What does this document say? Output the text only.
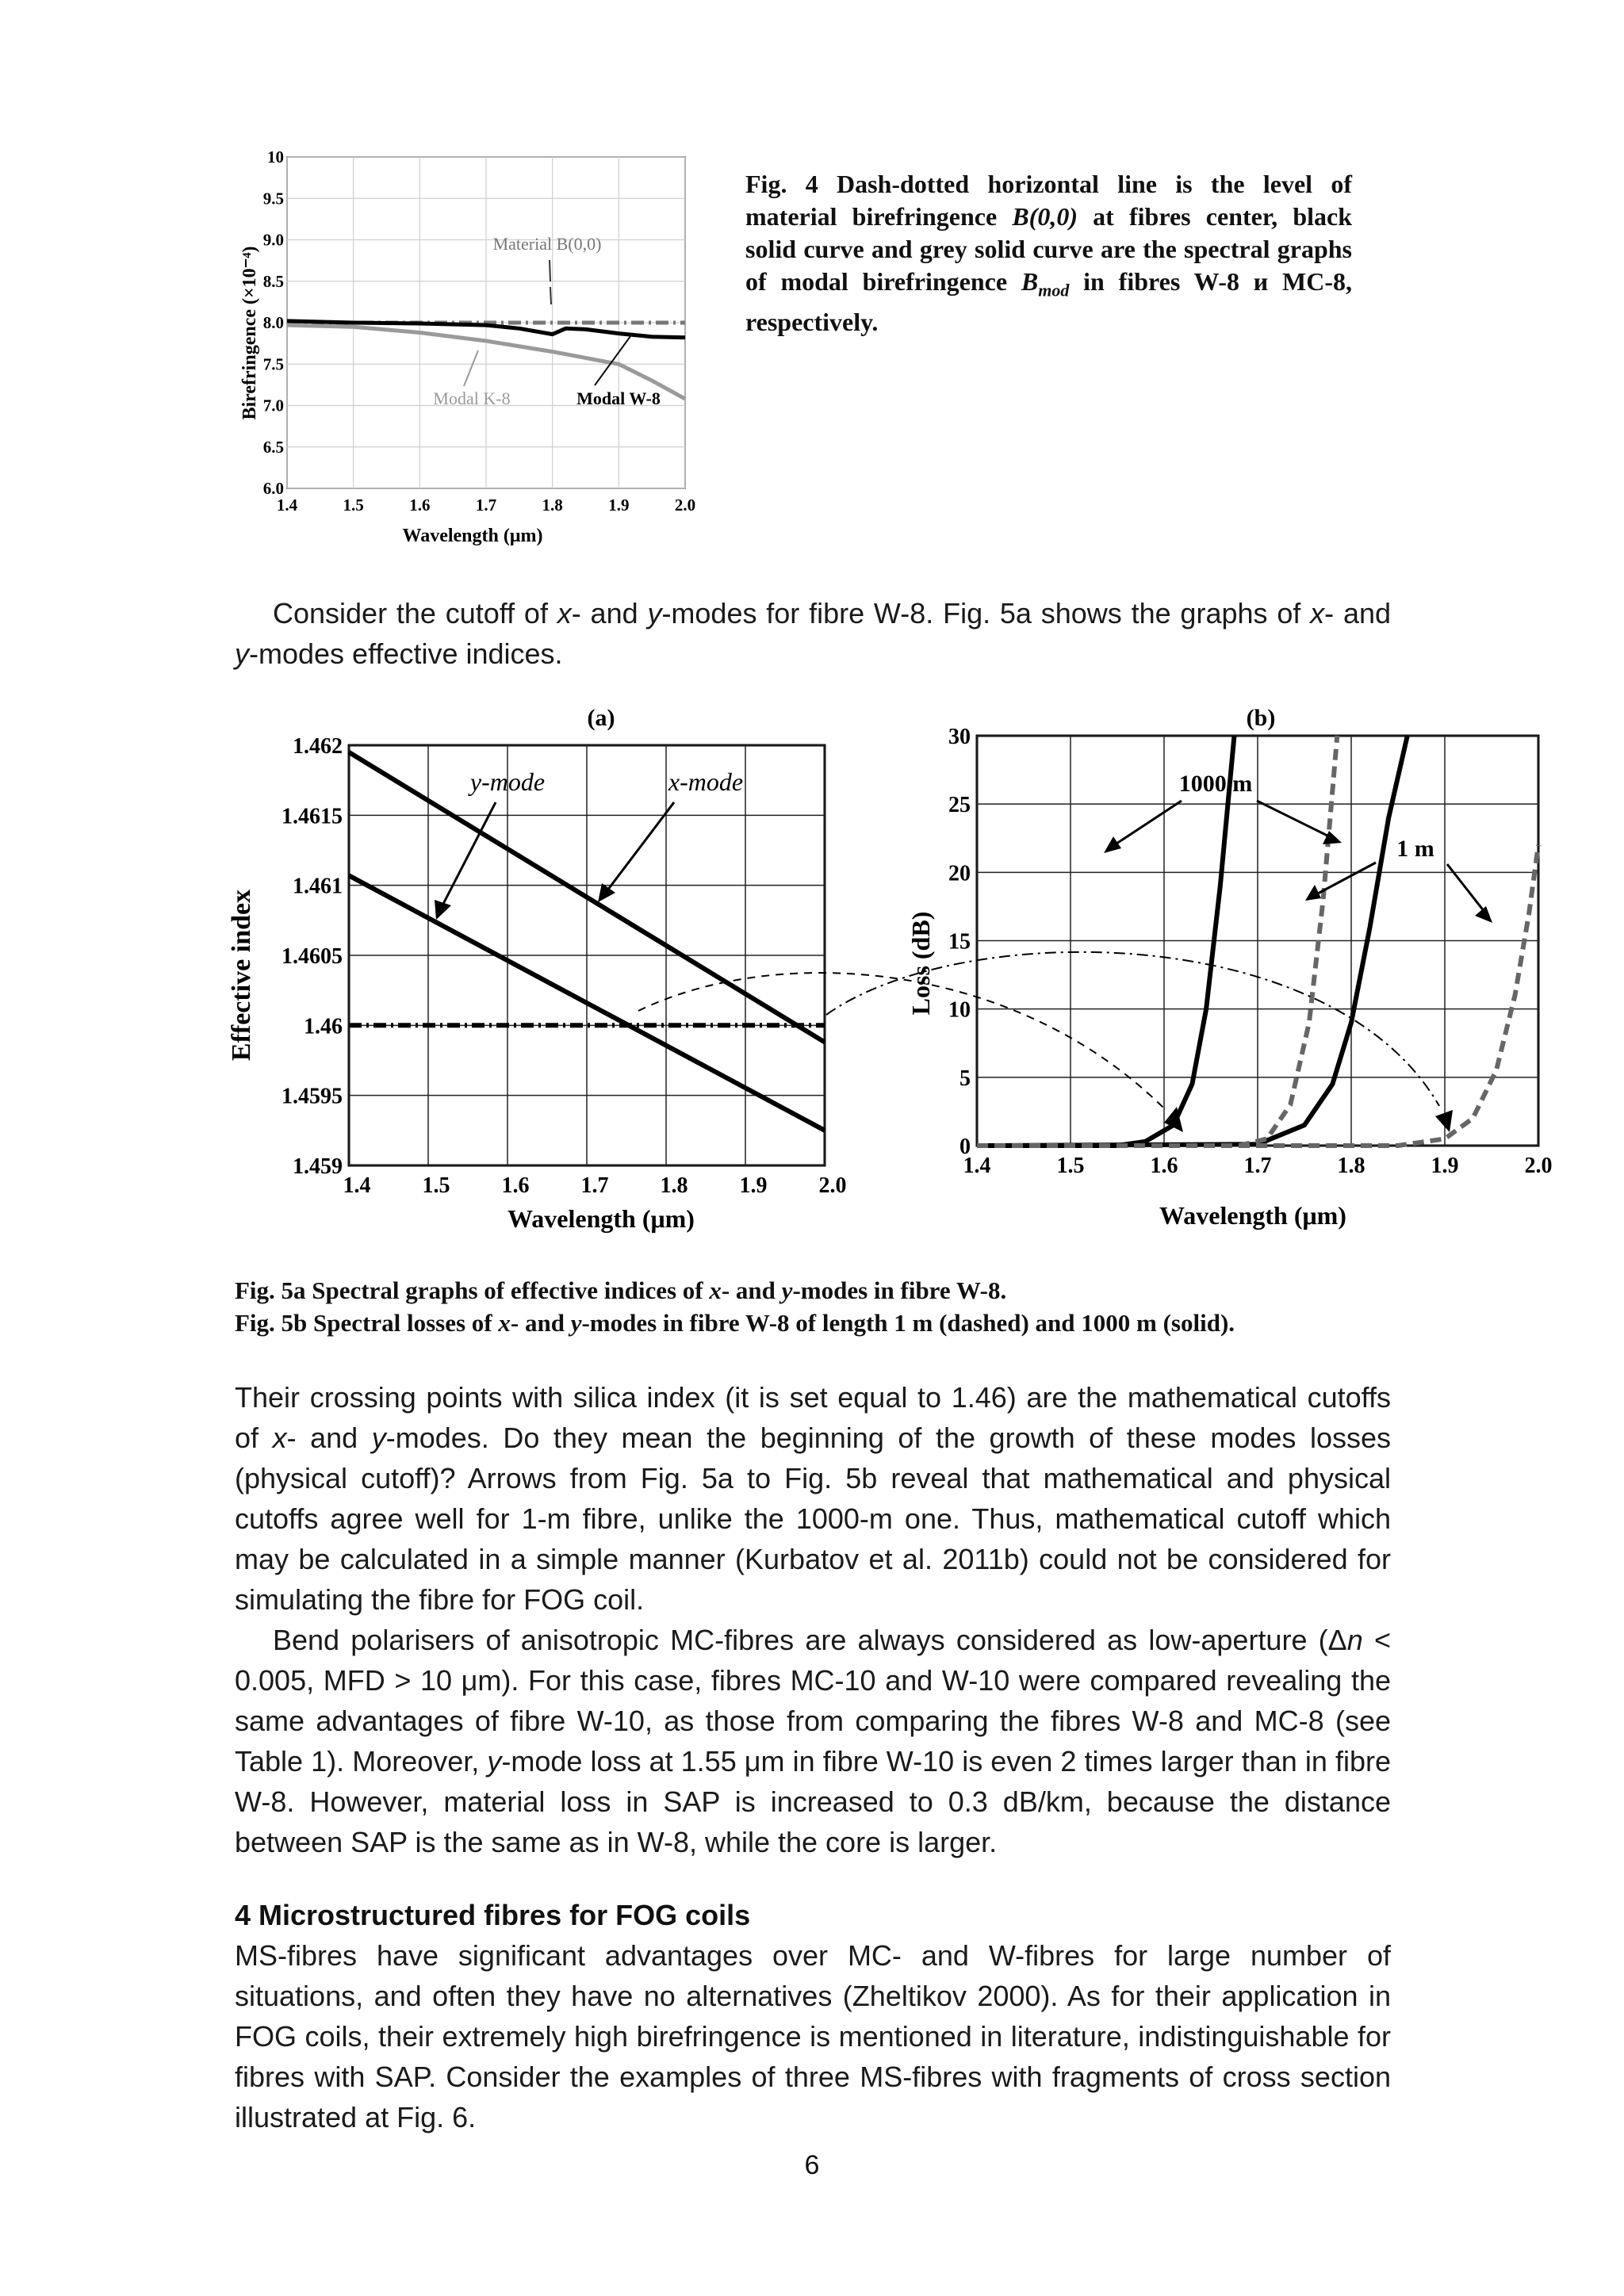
1.4	1.5	1.6	1.7	1.8	1.9	2.0
6.0
6.5
7.0
7.5
8.0
8.5
9.0
9.5
10
Wavelength (μm)
Birefringence (×10⁻⁴)
Material B(0,0)
Modal K-8	Modal W-8
Fig. 4 Dash-dotted horizontal line is the level of material birefringence B(0,0) at fibres center, black solid curve and grey solid curve are the spectral graphs of modal birefringence $B_{mod}$ in fibres W-8 и MC-8, respectively.

Consider the cutoff of x- and y-modes for fibre W-8. Fig. 5a shows the graphs of x- and y-modes effective indices.

1.4 1.5 1.6 1.7 1.8 1.9 2.0
1.459
1.4595
1.46
1.4605
1.461
1.4615
1.462
1.4	1.5	1.6	1.7	1.8	1.9	2.0
0
5
10
15
20
25
30
(a)	(b)
Wavelength (μm)	Wavelength (μm)
Effective index	Loss (dB)
y-mode	x-mode	1000 m
1 m
Fig. 5a Spectral graphs of effective indices of x- and y-modes in fibre W-8.
Fig. 5b Spectral losses of x- and y-modes in fibre W-8 of length 1 m (dashed) and 1000 m (solid).

Their crossing points with silica index (it is set equal to 1.46) are the mathematical cutoffs of x- and y-modes. Do they mean the beginning of the growth of these modes losses (physical cutoff)? Arrows from Fig. 5a to Fig. 5b reveal that mathematical and physical cutoffs agree well for 1-m fibre, unlike the 1000-m one. Thus, mathematical cutoff which may be calculated in a simple manner (Kurbatov et al. 2011b) could not be considered for simulating the fibre for FOG coil.

Bend polarisers of anisotropic MC-fibres are always considered as low-aperture (Δn < 0.005, MFD > 10 μm). For this case, fibres MC-10 and W-10 were compared revealing the same advantages of fibre W-10, as those from comparing the fibres W-8 and MC-8 (see Table 1). Moreover, y-mode loss at 1.55 μm in fibre W-10 is even 2 times larger than in fibre W-8. However, material loss in SAP is increased to 0.3 dB/km, because the distance between SAP is the same as in W-8, while the core is larger.

4 Microstructured fibres for FOG coils

MS-fibres have significant advantages over MC- and W-fibres for large number of situations, and often they have no alternatives (Zheltikov 2000). As for their application in FOG coils, their extremely high birefringence is mentioned in literature, indistinguishable for fibres with SAP. Consider the examples of three MS-fibres with fragments of cross section illustrated at Fig. 6.

6
